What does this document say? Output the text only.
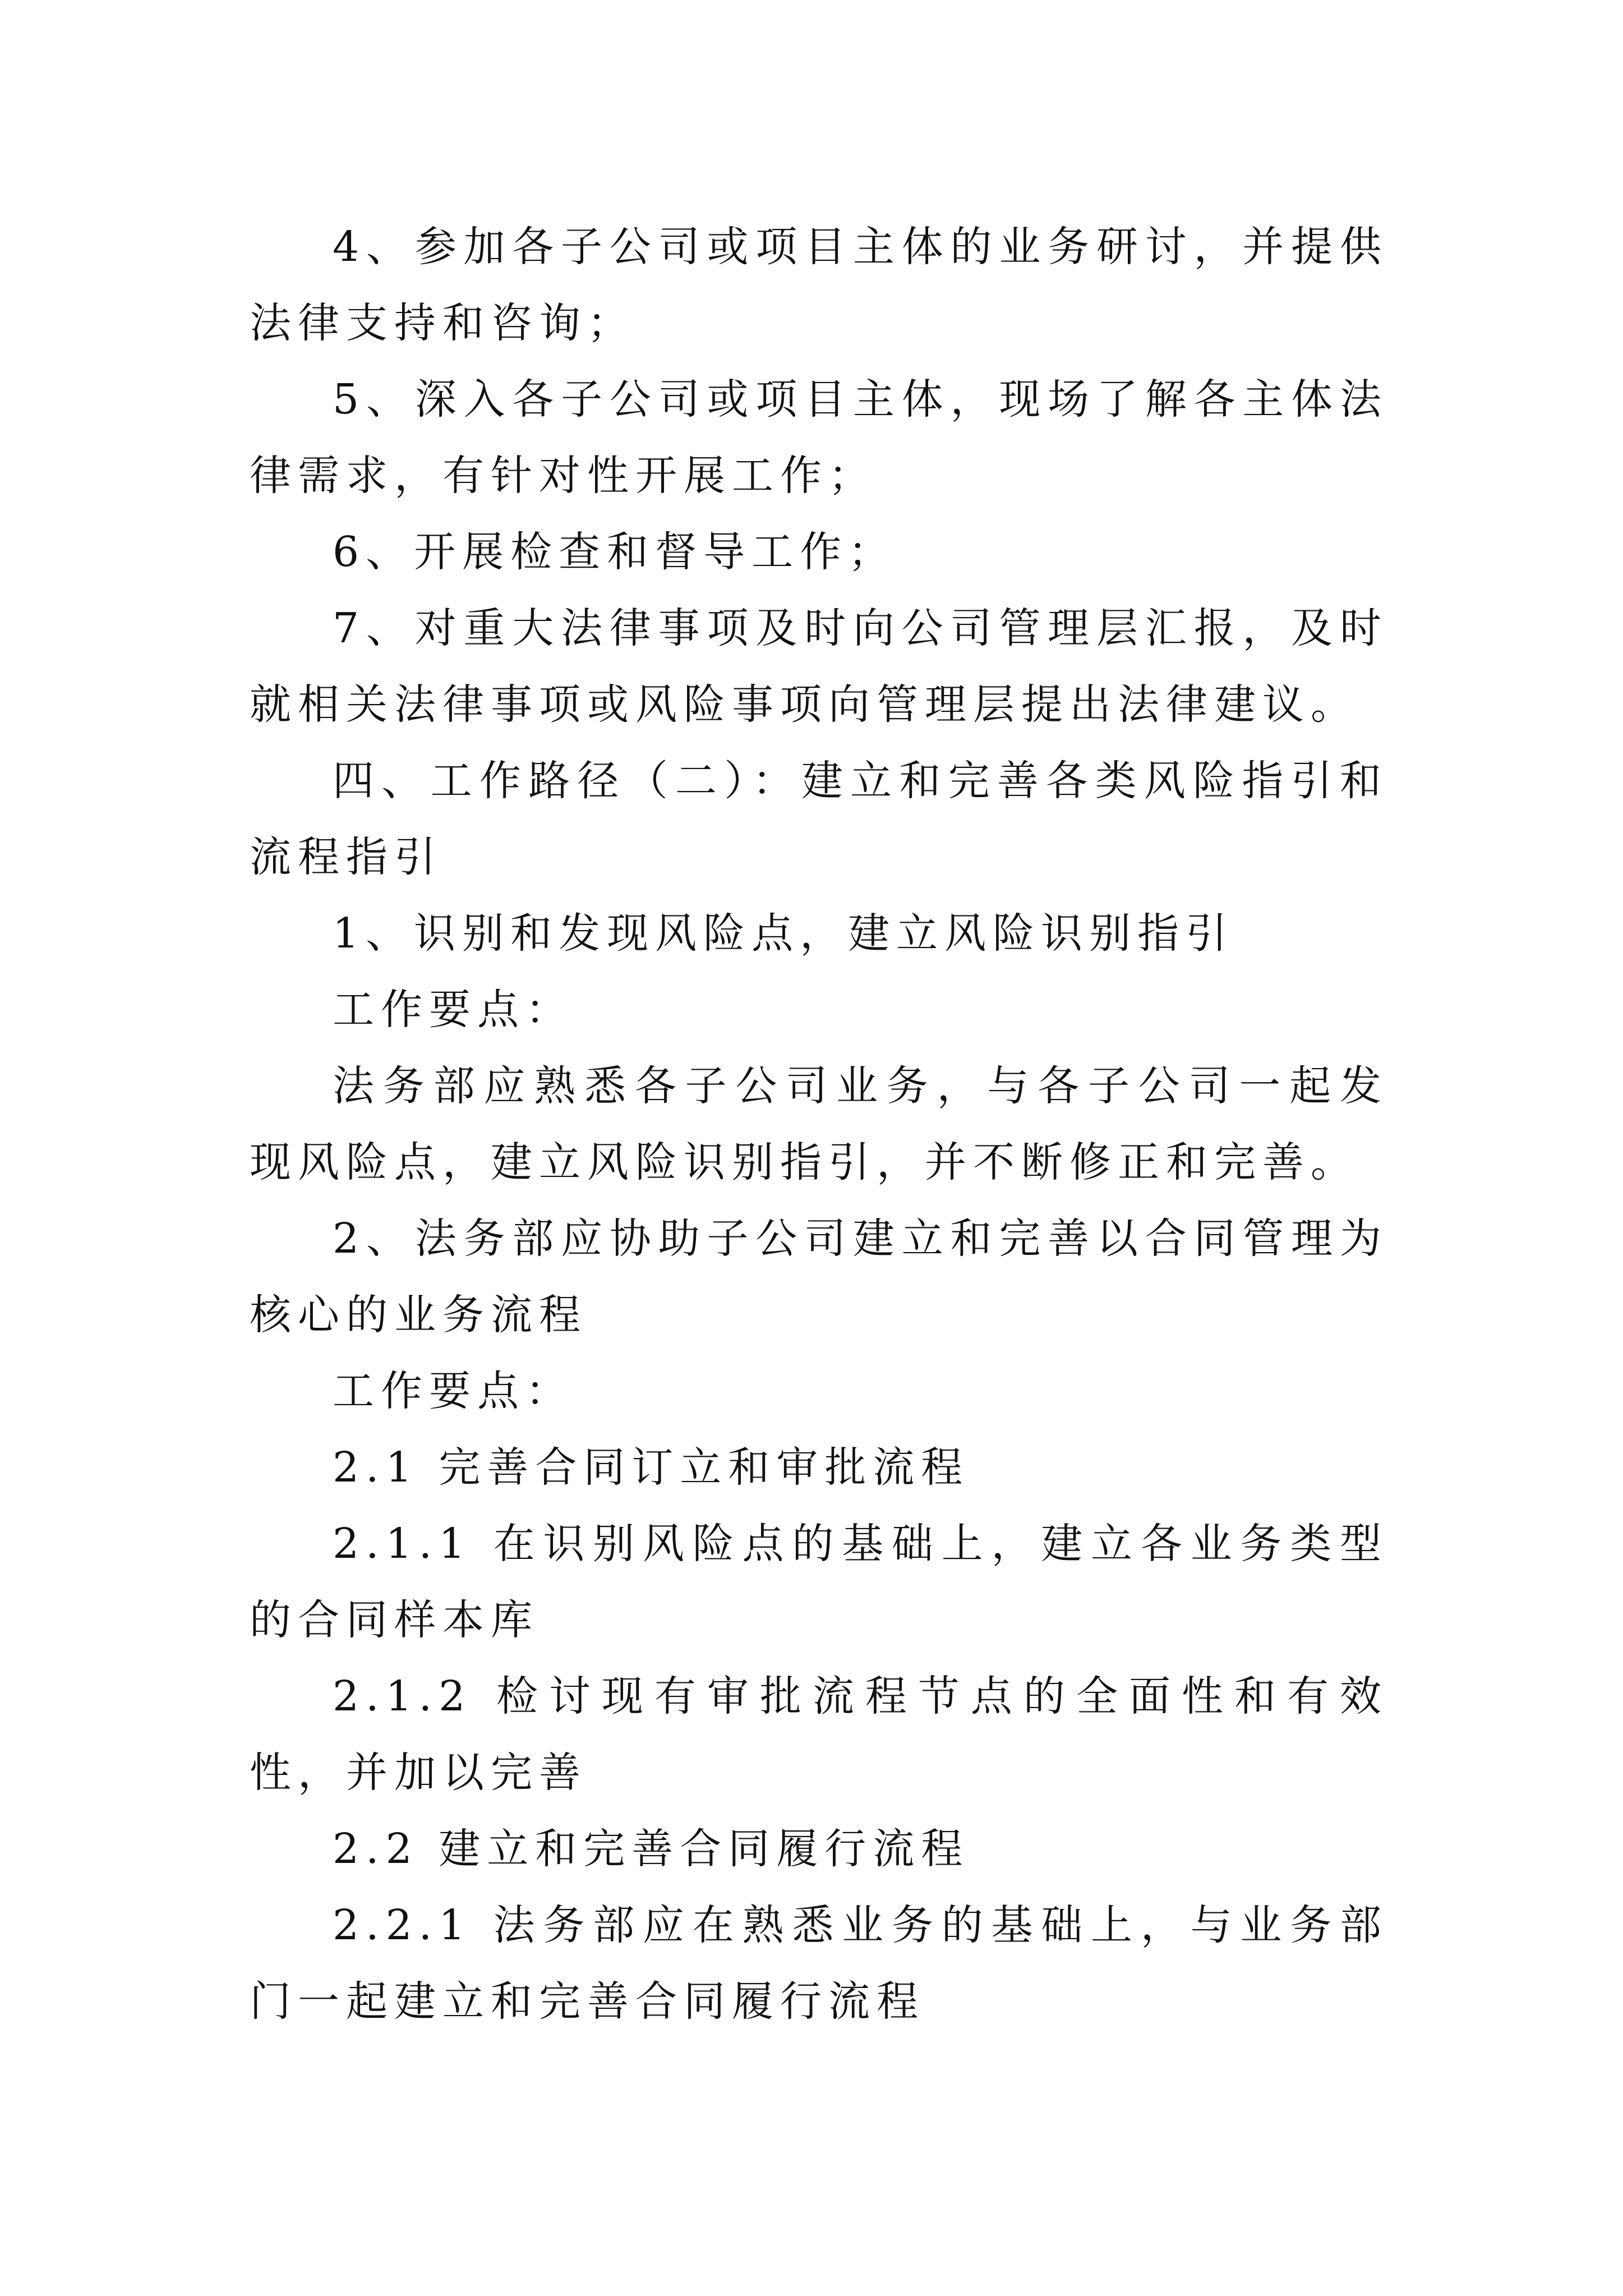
4、参加各子公司或项目主体的业务研讨，并提供法律支持和咨询；

5、深入各子公司或项目主体，现场了解各主体法律需求，有针对性开展工作；

6、开展检查和督导工作；

7、对重大法律事项及时向公司管理层汇报，及时就相关法律事项或风险事项向管理层提出法律建议。

四、工作路径（二）：建立和完善各类风险指引和流程指引

1、识别和发现风险点，建立风险识别指引

工作要点：

法务部应熟悉各子公司业务，与各子公司一起发现风险点，建立风险识别指引，并不断修正和完善。

2、法务部应协助子公司建立和完善以合同管理为核心的业务流程

工作要点：

2.1 完善合同订立和审批流程

2.1.1 在识别风险点的基础上，建立各业务类型的合同样本库

2.1.2 检讨现有审批流程节点的全面性和有效性，并加以完善

2.2 建立和完善合同履行流程

2.2.1 法务部应在熟悉业务的基础上，与业务部门一起建立和完善合同履行流程
